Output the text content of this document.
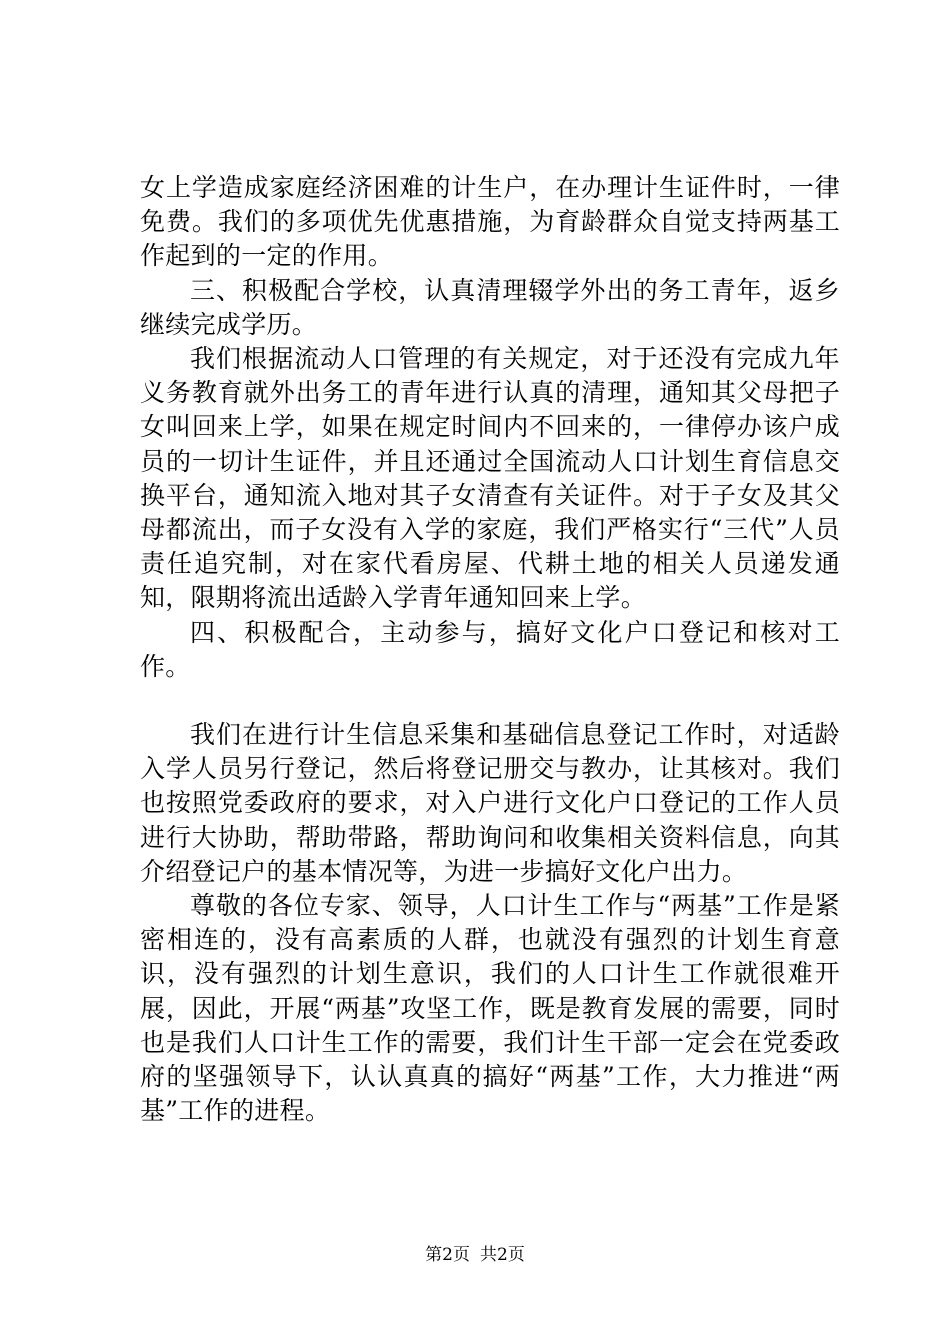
女上学造成家庭经济困难的计生户，在办理计生证件时，一律免费。我们的多项优先优惠措施，为育龄群众自觉支持两基工作起到的一定的作用。

三、积极配合学校，认真清理辍学外出的务工青年，返乡继续完成学历。

我们根据流动人口管理的有关规定，对于还没有完成九年义务教育就外出务工的青年进行认真的清理，通知其父母把子女叫回来上学，如果在规定时间内不回来的，一律停办该户成员的一切计生证件，并且还通过全国流动人口计划生育信息交换平台，通知流入地对其子女清查有关证件。对于子女及其父母都流出，而子女没有入学的家庭，我们严格实行“三代”人员责任追究制，对在家代看房屋、代耕土地的相关人员递发通知，限期将流出适龄入学青年通知回来上学。

四、积极配合，主动参与，搞好文化户口登记和核对工作。

我们在进行计生信息采集和基础信息登记工作时，对适龄入学人员另行登记，然后将登记册交与教办，让其核对。我们也按照党委政府的要求，对入户进行文化户口登记的工作人员进行大协助，帮助带路，帮助询问和收集相关资料信息，向其介绍登记户的基本情况等，为进一步搞好文化户出力。

尊敬的各位专家、领导，人口计生工作与“两基”工作是紧密相连的，没有高素质的人群，也就没有强烈的计划生育意识，没有强烈的计划生意识，我们的人口计生工作就很难开展，因此，开展“两基”攻坚工作，既是教育发展的需要，同时也是我们人口计生工作的需要，我们计生干部一定会在党委政府的坚强领导下，认认真真的搞好“两基”工作，大力推进“两基”工作的进程。

第2页 共2页
